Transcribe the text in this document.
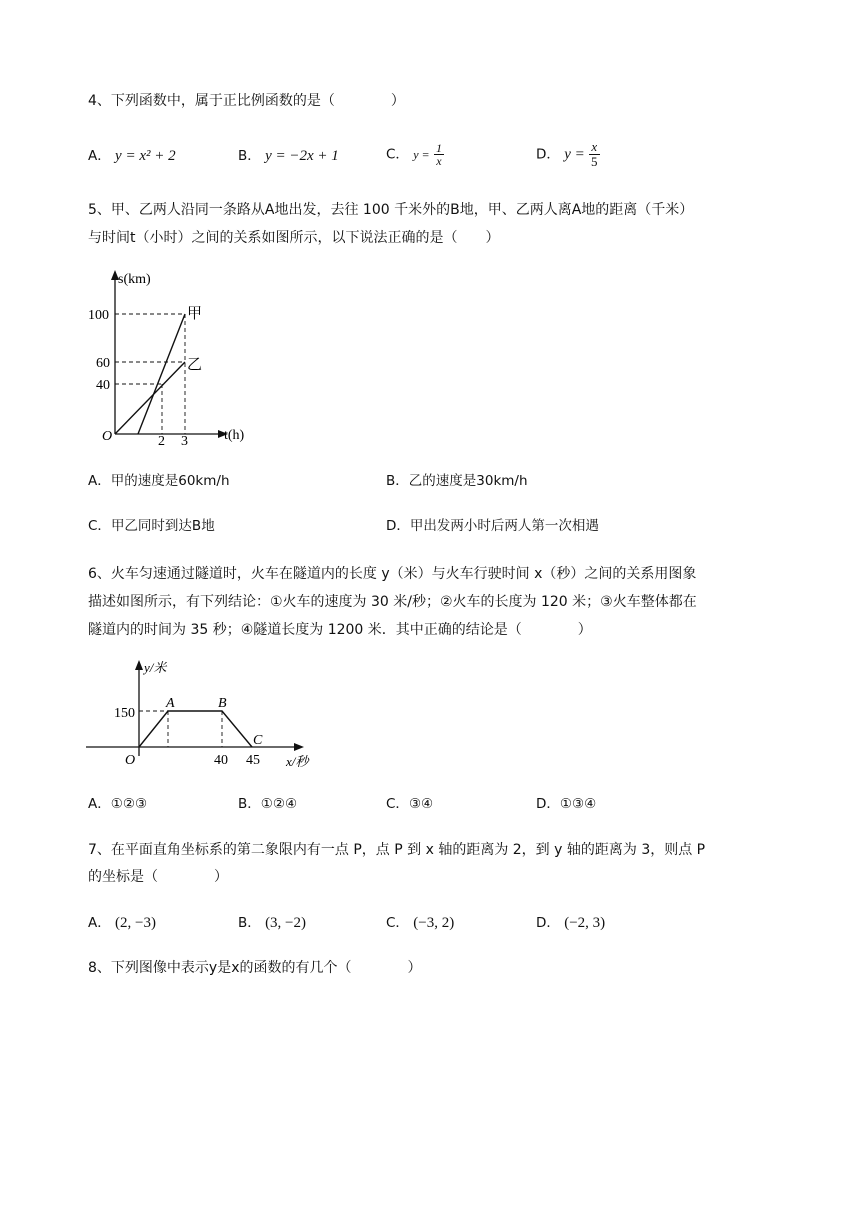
4、下列函数中，属于正比例函数的是（　　　　）
A． y = x² + 2	B． y = −2x + 1	C． $y = \frac{1}{x}$	D． $y = \frac{x}{5}$
5、甲、乙两人沿同一条路从A地出发，去往 100 千米外的B地，甲、乙两人离A地的距离（千米）
与时间t（小时）之间的关系如图所示，以下说法正确的是（　　）
s(km)
t(h)
O
100
60
40
2 3
甲
乙
A．甲的速度是60km/h	B．乙的速度是30km/h
C．甲乙同时到达B地	D．甲出发两小时后两人第一次相遇
6、火车匀速通过隧道时，火车在隧道内的长度 y（米）与火车行驶时间 x（秒）之间的关系用图象
描述如图所示，有下列结论：①火车的速度为 30 米/秒；②火车的长度为 120 米；③火车整体都在
隧道内的时间为 35 秒；④隧道长度为 1200 米．其中正确的结论是（　　　　）
y/米
x/秒
O
150
40 45
A	B
C
A．①②③	B．①②④	C．③④	D．①③④
7、在平面直角坐标系的第二象限内有一点 P，点 P 到 x 轴的距离为 2，到 y 轴的距离为 3，则点 P
的坐标是（　　　　）
A． (2, −3)	B． (3, −2)	C． (−3, 2)	D． (−2, 3)
8、下列图像中表示y是x的函数的有几个（　　　　）
